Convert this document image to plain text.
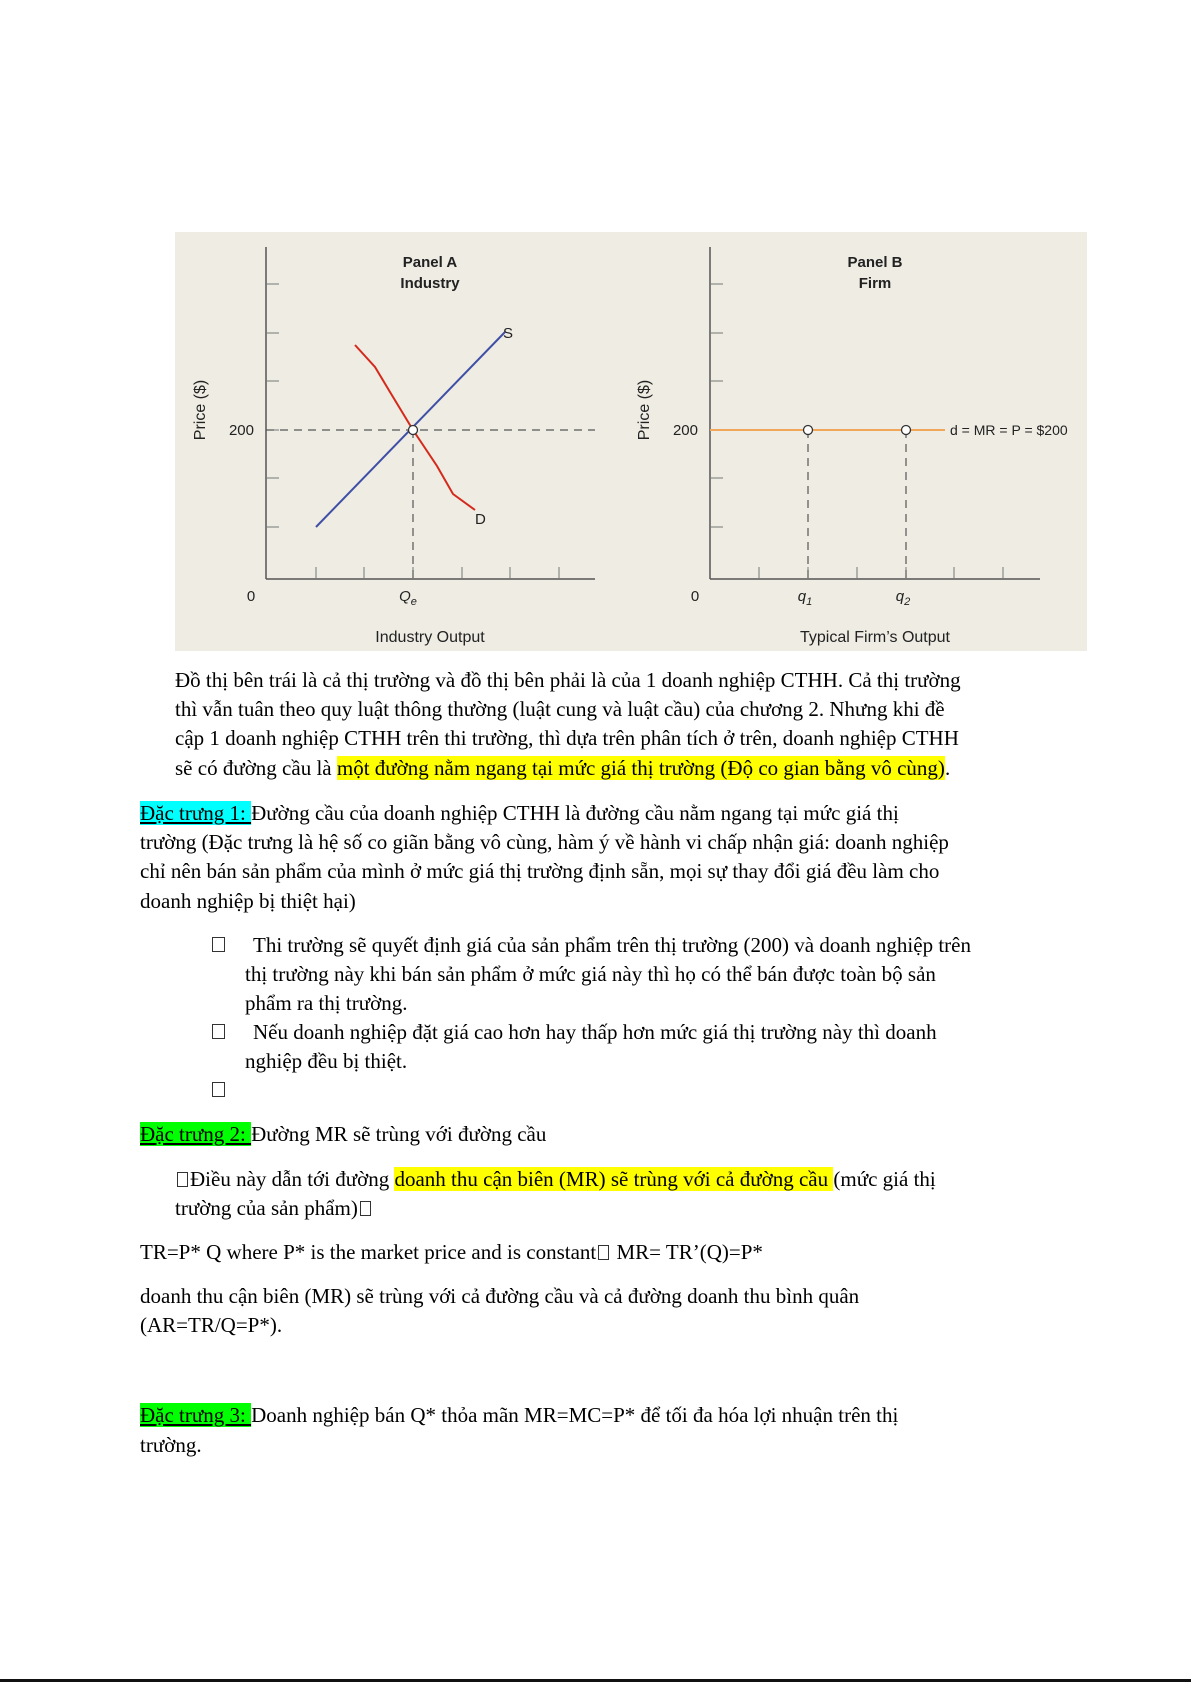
S
D
Panel A
Industry
200
0	$Q_e$
Industry Output
Price ($)	d = MR = P = $200
Panel B
Firm
200
0	$q_1$	$q_2$
Typical Firm’s Output
Price ($)

Đồ thị bên trái là cả thị trường và đồ thị bên phải là của 1 doanh nghiệp CTHH. Cả thị trường

thì vẫn tuân theo quy luật thông thường (luật cung và luật cầu) của chương 2. Nhưng khi đề

cập 1 doanh nghiệp CTHH trên thi trường, thì dựa trên phân tích ở trên, doanh nghiệp CTHH

sẽ có đường cầu là một đường nằm ngang tại mức giá thị trường (Độ co gian bằng vô cùng).

Đặc trưng 1: Đường cầu của doanh nghiệp CTHH là đường cầu nằm ngang tại mức giá thị

trường (Đặc trưng là hệ số co giãn bằng vô cùng, hàm ý về hành vi chấp nhận giá: doanh nghiệp

chỉ nên bán sản phẩm của mình ở mức giá thị trường định sẵn, mọi sự thay đổi giá đều làm cho

doanh nghiệp bị thiệt hại)

Thi trường sẽ quyết định giá của sản phẩm trên thị trường (200) và doanh nghiệp trên

thị trường này khi bán sản phẩm ở mức giá này thì họ có thể bán được toàn bộ sản

phẩm ra thị trường.

Nếu doanh nghiệp đặt giá cao hơn hay thấp hơn mức giá thị trường này thì doanh

nghiệp đều bị thiệt.

Đặc trưng 2: Đường MR sẽ trùng với đường cầu

Điều này dẫn tới đường doanh thu cận biên (MR) sẽ trùng với cả đường cầu (mức giá thị

trường của sản phẩm)

TR=P* Q where P* is the market price and is constant MR= TR’(Q)=P*

doanh thu cận biên (MR) sẽ trùng với cả đường cầu và cả đường doanh thu bình quân

(AR=TR/Q=P*).

Đặc trưng 3: Doanh nghiệp bán Q* thỏa mãn MR=MC=P* để tối đa hóa lợi nhuận trên thị

trường.
